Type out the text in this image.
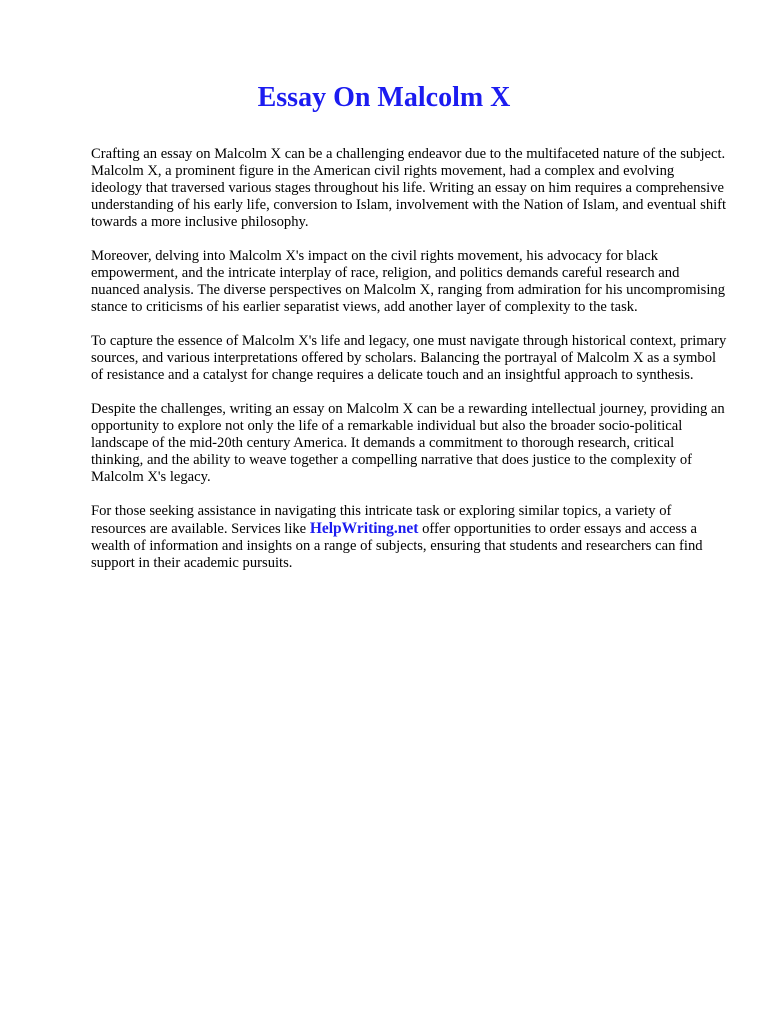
Essay On Malcolm X

Crafting an essay on Malcolm X can be a challenging endeavor due to the multifaceted nature of the subject. Malcolm X, a prominent figure in the American civil rights movement, had a complex and evolving ideology that traversed various stages throughout his life. Writing an essay on him requires a comprehensive understanding of his early life, conversion to Islam, involvement with the Nation of Islam, and eventual shift towards a more inclusive philosophy.

Moreover, delving into Malcolm X's impact on the civil rights movement, his advocacy for black empowerment, and the intricate interplay of race, religion, and politics demands careful research and nuanced analysis. The diverse perspectives on Malcolm X, ranging from admiration for his uncompromising stance to criticisms of his earlier separatist views, add another layer of complexity to the task.

To capture the essence of Malcolm X's life and legacy, one must navigate through historical context, primary sources, and various interpretations offered by scholars. Balancing the portrayal of Malcolm X as a symbol of resistance and a catalyst for change requires a delicate touch and an insightful approach to synthesis.

Despite the challenges, writing an essay on Malcolm X can be a rewarding intellectual journey, providing an opportunity to explore not only the life of a remarkable individual but also the broader socio-political landscape of the mid-20th century America. It demands a commitment to thorough research, critical thinking, and the ability to weave together a compelling narrative that does justice to the complexity of Malcolm X's legacy.

For those seeking assistance in navigating this intricate task or exploring similar topics, a variety of resources are available. Services like HelpWriting.net offer opportunities to order essays and access a wealth of information and insights on a range of subjects, ensuring that students and researchers can find support in their academic pursuits.
